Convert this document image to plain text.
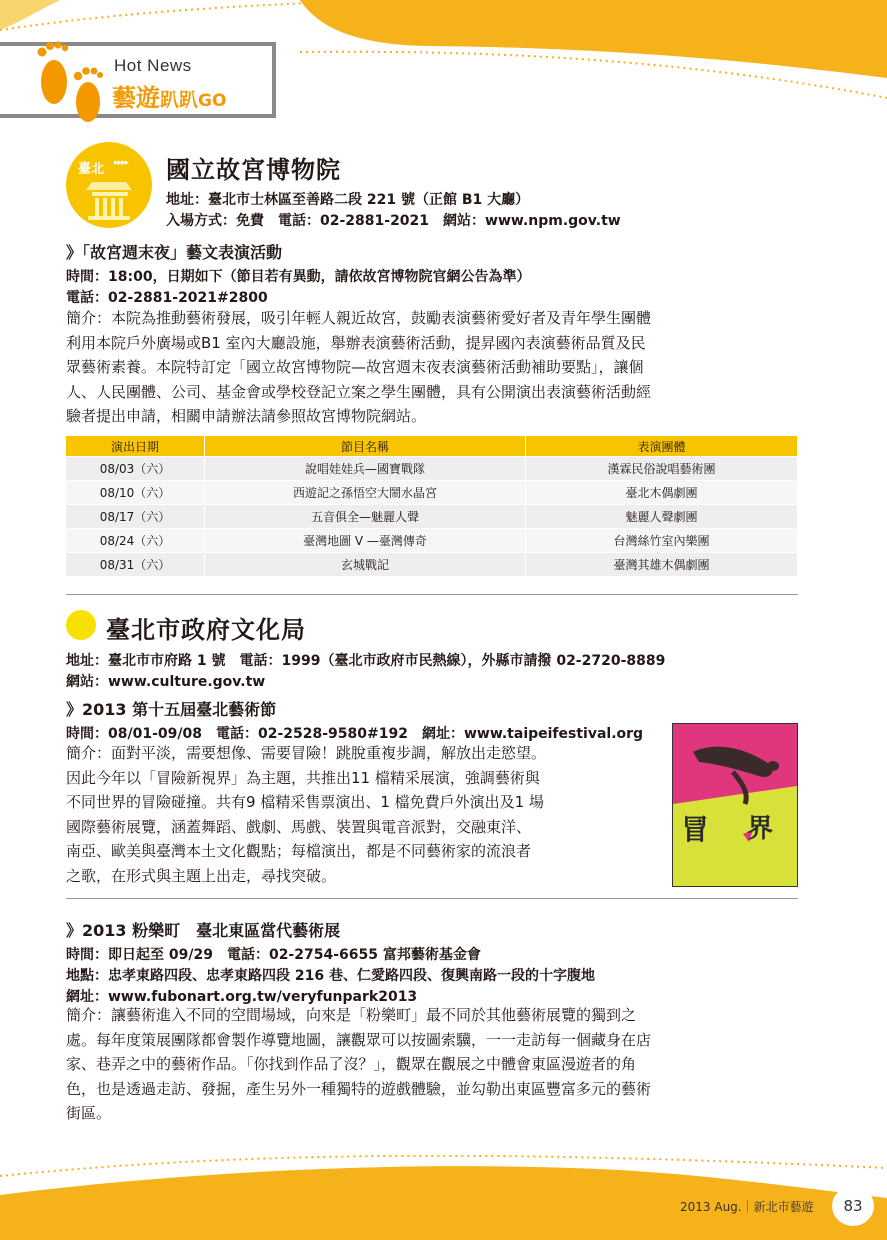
Hot News
藝遊趴趴GO
臺北 ▸▸▸▸ 國立故宮博物院
地址：臺北市士林區至善路二段 221 號（正館 B1 大廳）
入場方式：免費　電話：02-2881-2021　網站：www.npm.gov.tw
》「故宮週末夜」藝文表演活動
時間：18:00，日期如下（節目若有異動，請依故宮博物院官網公告為準）
電話：02-2881-2021#2800
簡介：本院為推動藝術發展，吸引年輕人親近故宮，鼓勵表演藝術愛好者及青年學生團體
利用本院戶外廣場或B1 室內大廳設施，舉辦表演藝術活動，提昇國內表演藝術品質及民
眾藝術素養。本院特訂定「國立故宮博物院—故宮週末夜表演藝術活動補助要點」，讓個
人、人民團體、公司、基金會或學校登記立案之學生團體，具有公開演出表演藝術活動經
驗者提出申請，相關申請辦法請參照故宮博物院網站。
演出日期	節目名稱	表演團體
08/03（六）	說唱娃娃兵—國寶戰隊	漢霖民俗說唱藝術團
08/10（六）	西遊記之孫悟空大鬧水晶宮	臺北木偶劇團
08/17（六）	五音俱全—魅麗人聲	魅麗人聲劇團
08/24（六）	臺灣地圖 V —臺灣傳奇	台灣絲竹室內樂團
08/31（六）	玄城戰記	臺灣其雄木偶劇團
臺北市政府文化局
地址：臺北市市府路 1 號　電話：1999（臺北市政府市民熱線），外縣市請撥 02-2720-8889
網站：www.culture.gov.tw
》2013 第十五屆臺北藝術節
時間：08/01-09/08　電話：02-2528-9580#192　網址：www.taipeifestival.org
簡介：面對平淡，需要想像、需要冒險！跳脫重複步調，解放出走慾望。
因此今年以「冒險新視界」為主題，共推出11 檔精采展演，強調藝術與
不同世界的冒險碰撞。共有9 檔精采售票演出、1 檔免費戶外演出及1 場
國際藝術展覽，涵蓋舞蹈、戲劇、馬戲、裝置與電音派對，交融東洋、
南亞、歐美與臺灣本土文化觀點；每檔演出，都是不同藝術家的流浪者
之歌，在形式與主題上出走，尋找突破。
冒 界
》2013 粉樂町　臺北東區當代藝術展
時間：即日起至 09/29　電話：02-2754-6655 富邦藝術基金會
地點：忠孝東路四段、忠孝東路四段 216 巷、仁愛路四段、復興南路一段的十字腹地
網址：www.fubonart.org.tw/veryfunpark2013
簡介：讓藝術進入不同的空間場域，向來是「粉樂町」最不同於其他藝術展覽的獨到之
處。每年度策展團隊都會製作導覽地圖，讓觀眾可以按圖索驥，一一走訪每一個藏身在店
家、巷弄之中的藝術作品。「你找到作品了沒？」，觀眾在觀展之中體會東區漫遊者的角
色，也是透過走訪、發掘，產生另外一種獨特的遊戲體驗，並勾勒出東區豐富多元的藝術
街區。
2013 Aug.｜新北市藝遊	83
